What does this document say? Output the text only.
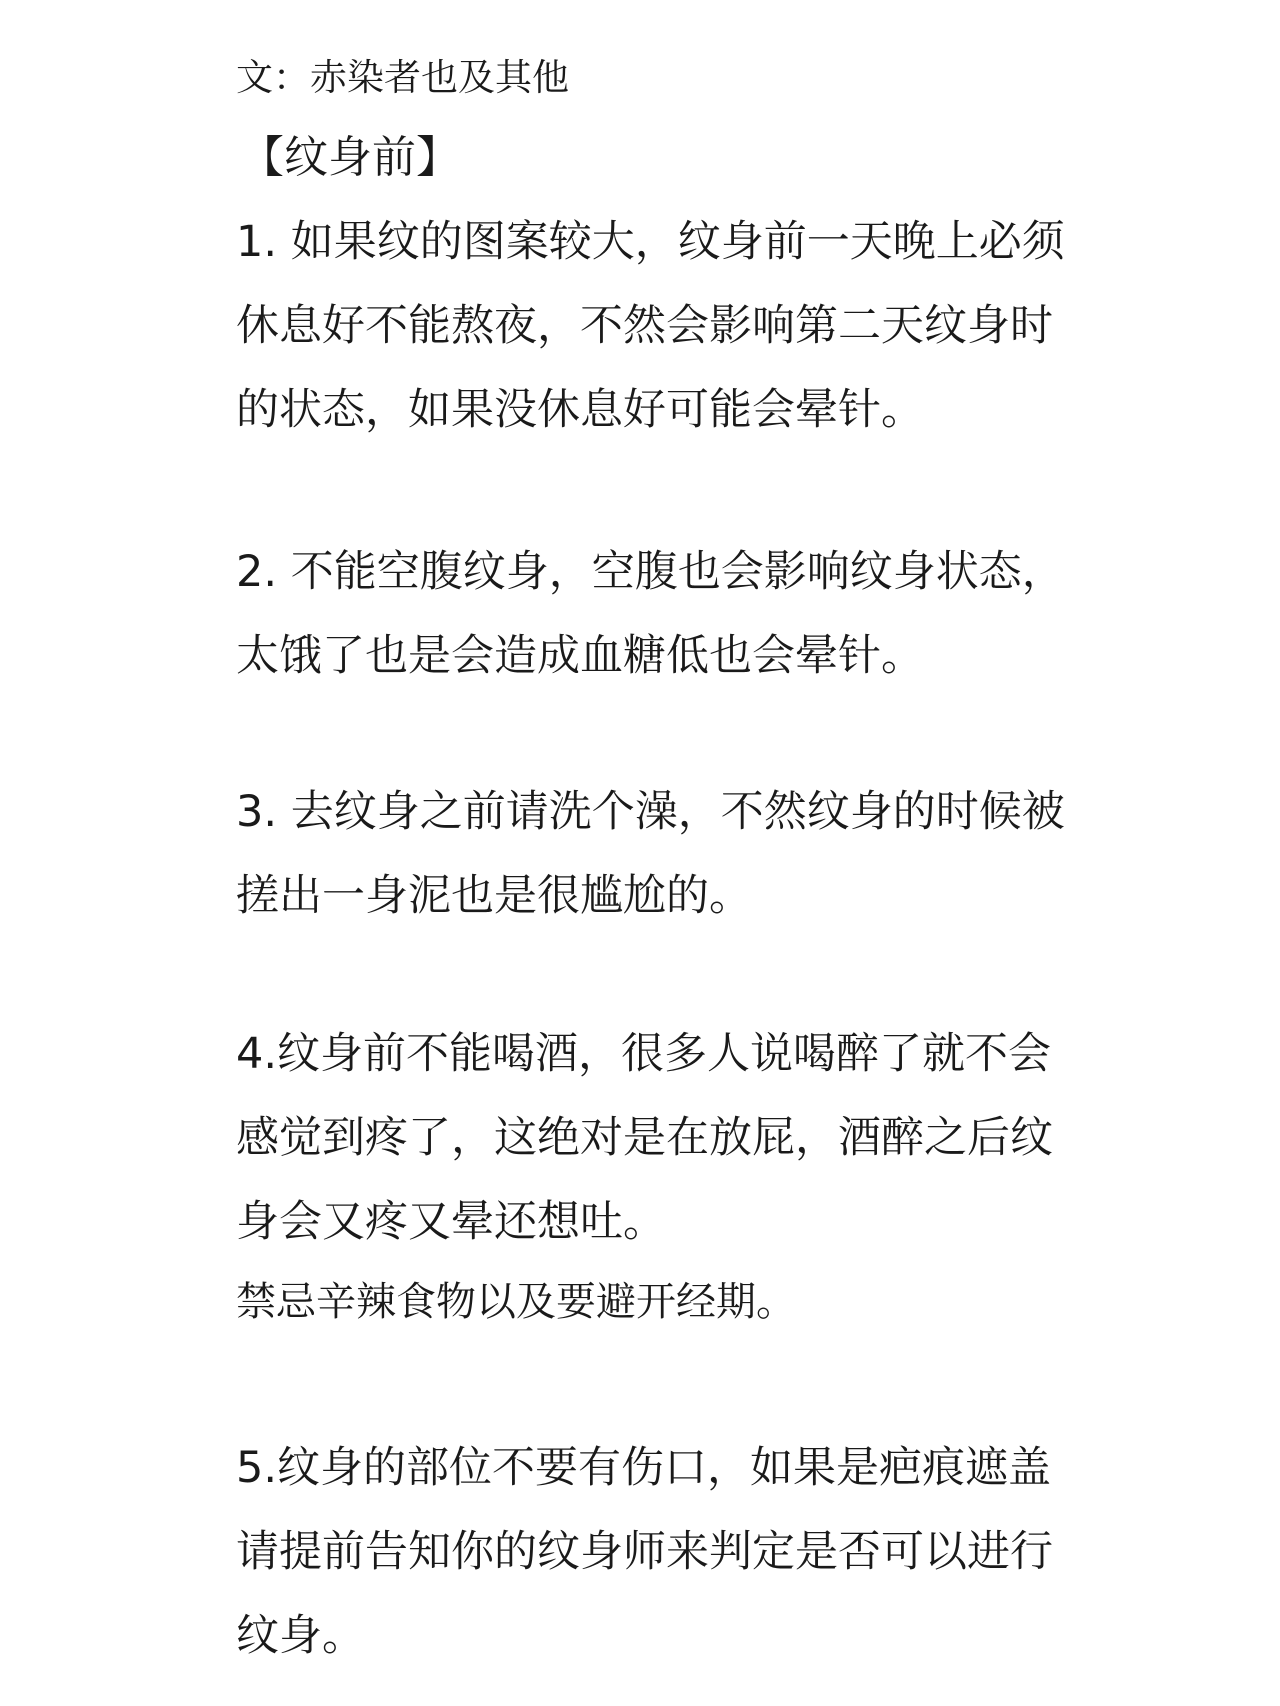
文：赤染者也及其他

【纹身前】

1. 如果纹的图案较大，纹身前一天晚上必须
休息好不能熬夜，不然会影响第二天纹身时
的状态，如果没休息好可能会晕针。

2. 不能空腹纹身，空腹也会影响纹身状态，
太饿了也是会造成血糖低也会晕针。

3. 去纹身之前请洗个澡，不然纹身的时候被
搓出一身泥也是很尴尬的。

4.纹身前不能喝酒，很多人说喝醉了就不会
感觉到疼了，这绝对是在放屁，酒醉之后纹
身会又疼又晕还想吐。

禁忌辛辣食物以及要避开经期。

5.纹身的部位不要有伤口，如果是疤痕遮盖
请提前告知你的纹身师来判定是否可以进行
纹身。
